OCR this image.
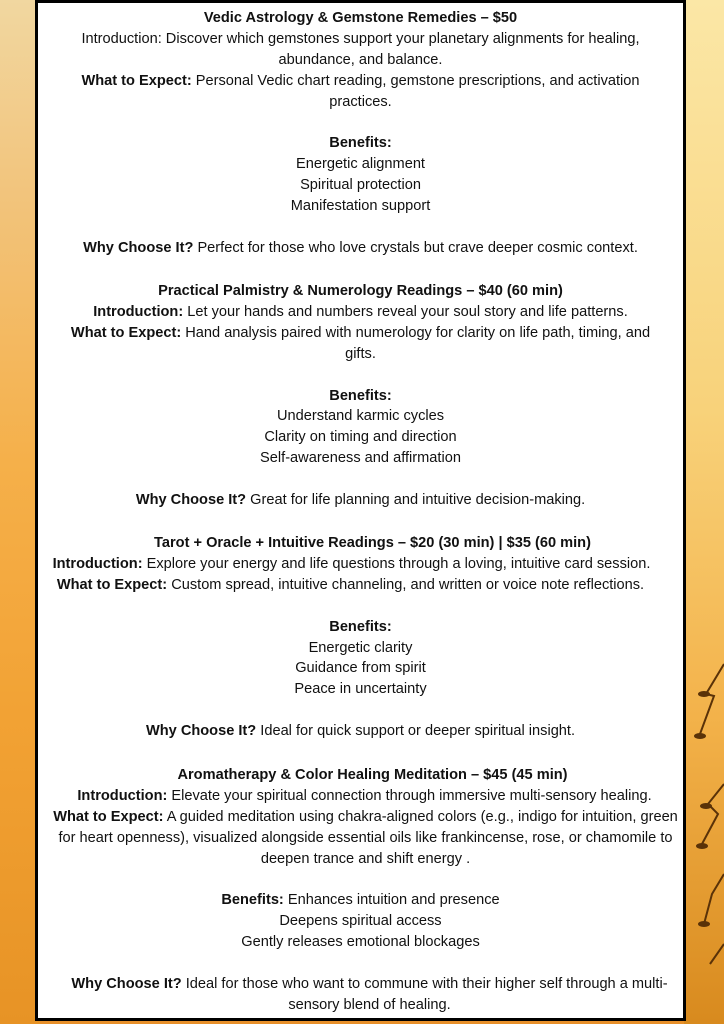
Vedic Astrology & Gemstone Remedies – $50
Introduction: Discover which gemstones support your planetary alignments for healing, abundance, and balance.
What to Expect: Personal Vedic chart reading, gemstone prescriptions, and activation practices.
Benefits:
Energetic alignment
Spiritual protection
Manifestation support
Why Choose It? Perfect for those who love crystals but crave deeper cosmic context.
Practical Palmistry & Numerology Readings – $40 (60 min)
Introduction: Let your hands and numbers reveal your soul story and life patterns.
What to Expect: Hand analysis paired with numerology for clarity on life path, timing, and gifts.
Benefits:
Understand karmic cycles
Clarity on timing and direction
Self-awareness and affirmation
Why Choose It? Great for life planning and intuitive decision-making.
Tarot + Oracle + Intuitive Readings – $20 (30 min) | $35 (60 min)
Introduction: Explore your energy and life questions through a loving, intuitive card session.
What to Expect: Custom spread, intuitive channeling, and written or voice note reflections.
Benefits:
Energetic clarity
Guidance from spirit
Peace in uncertainty
Why Choose It? Ideal for quick support or deeper spiritual insight.
Aromatherapy & Color Healing Meditation – $45 (45 min)
Introduction: Elevate your spiritual connection through immersive multi-sensory healing.
What to Expect: A guided meditation using chakra-aligned colors (e.g., indigo for intuition, green for heart openness), visualized alongside essential oils like frankincense, rose, or chamomile to deepen trance and shift energy .
Benefits: Enhances intuition and presence
Deepens spiritual access
Gently releases emotional blockages
Why Choose It? Ideal for those who want to commune with their higher self through a multi-sensory blend of healing.
